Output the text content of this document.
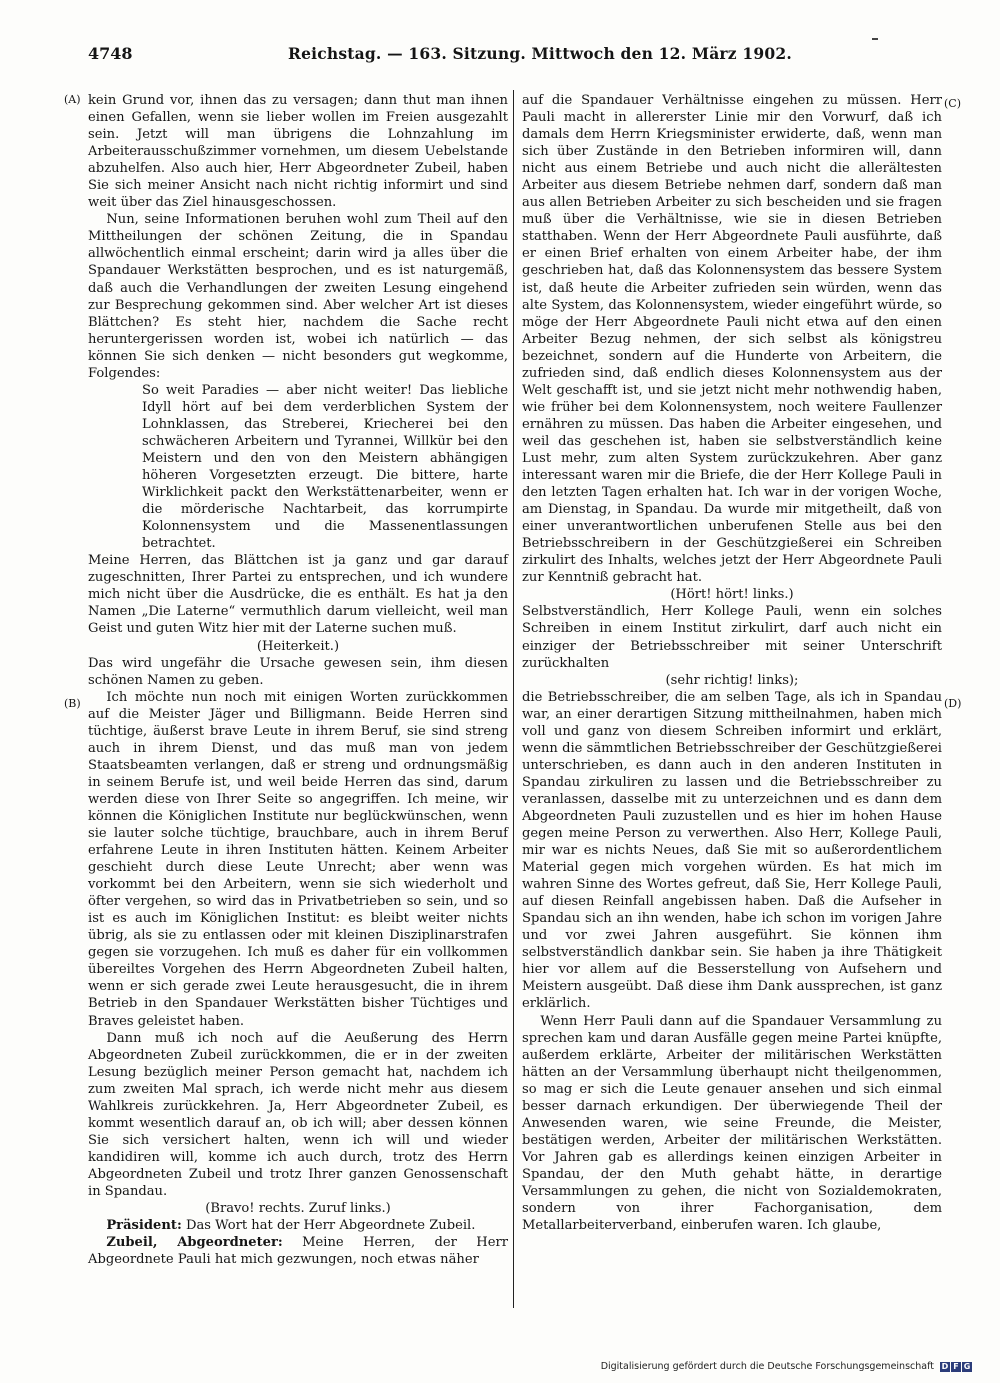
4748	Reichstag. — 163. Sitzung. Mittwoch den 12. März 1902.
(A)
(B)
(C)
(D)

kein Grund vor, ihnen das zu versagen; dann thut man ihnen einen Gefallen, wenn sie lieber wollen im Freien ausgezahlt sein. Jetzt will man übrigens die Lohnzahlung im Arbeiterausschußzimmer vornehmen, um diesem Uebelstande abzuhelfen. Also auch hier, Herr Abgeordneter Zubeil, haben Sie sich meiner Ansicht nach nicht richtig informirt und sind weit über das Ziel hinausgeschossen.

Nun, seine Informationen beruhen wohl zum Theil auf den Mittheilungen der schönen Zeitung, die in Spandau allwöchentlich einmal erscheint; darin wird ja alles über die Spandauer Werkstätten besprochen, und es ist naturgemäß, daß auch die Verhandlungen der zweiten Lesung eingehend zur Besprechung gekommen sind. Aber welcher Art ist dieses Blättchen? Es steht hier, nachdem die Sache recht heruntergerissen worden ist, wobei ich natürlich — das können Sie sich denken — nicht besonders gut wegkomme, Folgendes:

So weit Paradies — aber nicht weiter! Das liebliche Idyll hört auf bei dem verderblichen System der Lohnklassen, das Streberei, Kriecherei bei den schwächeren Arbeitern und Tyrannei, Willkür bei den Meistern und den von den Meistern abhängigen höheren Vorgesetzten erzeugt. Die bittere, harte Wirklichkeit packt den Werkstättenarbeiter, wenn er die mörderische Nachtarbeit, das korrumpirte Kolonnensystem und die Massenentlassungen betrachtet.

Meine Herren, das Blättchen ist ja ganz und gar darauf zugeschnitten, Ihrer Partei zu entsprechen, und ich wundere mich nicht über die Ausdrücke, die es enthält. Es hat ja den Namen „Die Laterne“ vermuthlich darum vielleicht, weil man Geist und guten Witz hier mit der Laterne suchen muß.

(Heiterkeit.)

Das wird ungefähr die Ursache gewesen sein, ihm diesen schönen Namen zu geben.

Ich möchte nun noch mit einigen Worten zurückkommen auf die Meister Jäger und Billigmann. Beide Herren sind tüchtige, äußerst brave Leute in ihrem Beruf, sie sind streng auch in ihrem Dienst, und das muß man von jedem Staatsbeamten verlangen, daß er streng und ordnungsmäßig in seinem Berufe ist, und weil beide Herren das sind, darum werden diese von Ihrer Seite so angegriffen. Ich meine, wir können die Königlichen Institute nur beglückwünschen, wenn sie lauter solche tüchtige, brauchbare, auch in ihrem Beruf erfahrene Leute in ihren Instituten hätten. Keinem Arbeiter geschieht durch diese Leute Unrecht; aber wenn was vorkommt bei den Arbeitern, wenn sie sich wiederholt und öfter vergehen, so wird das in Privatbetrieben so sein, und so ist es auch im Königlichen Institut: es bleibt weiter nichts übrig, als sie zu entlassen oder mit kleinen Disziplinarstrafen gegen sie vorzugehen. Ich muß es daher für ein vollkommen übereiltes Vorgehen des Herrn Abgeordneten Zubeil halten, wenn er sich gerade zwei Leute herausgesucht, die in ihrem Betrieb in den Spandauer Werkstätten bisher Tüchtiges und Braves geleistet haben.

Dann muß ich noch auf die Aeußerung des Herrn Abgeordneten Zubeil zurückkommen, die er in der zweiten Lesung bezüglich meiner Person gemacht hat, nachdem ich zum zweiten Mal sprach, ich werde nicht mehr aus diesem Wahlkreis zurückkehren. Ja, Herr Abgeordneter Zubeil, es kommt wesentlich darauf an, ob ich will; aber dessen können Sie sich versichert halten, wenn ich will und wieder kandidiren will, komme ich auch durch, trotz des Herrn Abgeordneten Zubeil und trotz Ihrer ganzen Genossenschaft in Spandau.

(Bravo! rechts. Zuruf links.)

Präsident: Das Wort hat der Herr Abgeordnete Zubeil.

Zubeil, Abgeordneter: Meine Herren, der Herr Abgeordnete Pauli hat mich gezwungen, noch etwas näher

auf die Spandauer Verhältnisse eingehen zu müssen. Herr Pauli macht in allererster Linie mir den Vorwurf, daß ich damals dem Herrn Kriegsminister erwiderte, daß, wenn man sich über Zustände in den Betrieben informiren will, dann nicht aus einem Betriebe und auch nicht die allerältesten Arbeiter aus diesem Betriebe nehmen darf, sondern daß man aus allen Betrieben Arbeiter zu sich bescheiden und sie fragen muß über die Verhältnisse, wie sie in diesen Betrieben statthaben. Wenn der Herr Abgeordnete Pauli ausführte, daß er einen Brief erhalten von einem Arbeiter habe, der ihm geschrieben hat, daß das Kolonnensystem das bessere System ist, daß heute die Arbeiter zufrieden sein würden, wenn das alte System, das Kolonnensystem, wieder eingeführt würde, so möge der Herr Abgeordnete Pauli nicht etwa auf den einen Arbeiter Bezug nehmen, der sich selbst als königstreu bezeichnet, sondern auf die Hunderte von Arbeitern, die zufrieden sind, daß endlich dieses Kolonnensystem aus der Welt geschafft ist, und sie jetzt nicht mehr nothwendig haben, wie früher bei dem Kolonnensystem, noch weitere Faullenzer ernähren zu müssen. Das haben die Arbeiter eingesehen, und weil das geschehen ist, haben sie selbstverständlich keine Lust mehr, zum alten System zurückzukehren. Aber ganz interessant waren mir die Briefe, die der Herr Kollege Pauli in den letzten Tagen erhalten hat. Ich war in der vorigen Woche, am Dienstag, in Spandau. Da wurde mir mitgetheilt, daß von einer unverantwortlichen unberufenen Stelle aus bei den Betriebsschreibern in der Geschützgießerei ein Schreiben zirkulirt des Inhalts, welches jetzt der Herr Abgeordnete Pauli zur Kenntniß gebracht hat.

(Hört! hört! links.)

Selbstverständlich, Herr Kollege Pauli, wenn ein solches Schreiben in einem Institut zirkulirt, darf auch nicht ein einziger der Betriebsschreiber mit seiner Unterschrift zurückhalten

(sehr richtig! links);

die Betriebsschreiber, die am selben Tage, als ich in Spandau war, an einer derartigen Sitzung mittheilnahmen, haben mich voll und ganz von diesem Schreiben informirt und erklärt, wenn die sämmtlichen Betriebsschreiber der Geschützgießerei unterschrieben, es dann auch in den anderen Instituten in Spandau zirkuliren zu lassen und die Betriebsschreiber zu veranlassen, dasselbe mit zu unterzeichnen und es dann dem Abgeordneten Pauli zuzustellen und es hier im hohen Hause gegen meine Person zu verwerthen. Also Herr, Kollege Pauli, mir war es nichts Neues, daß Sie mit so außerordentlichem Material gegen mich vorgehen würden. Es hat mich im wahren Sinne des Wortes gefreut, daß Sie, Herr Kollege Pauli, auf diesen Reinfall angebissen haben. Daß die Aufseher in Spandau sich an ihn wenden, habe ich schon im vorigen Jahre und vor zwei Jahren ausgeführt. Sie können ihm selbstverständlich dankbar sein. Sie haben ja ihre Thätigkeit hier vor allem auf die Besserstellung von Aufsehern und Meistern ausgeübt. Daß diese ihm Dank aussprechen, ist ganz erklärlich.

Wenn Herr Pauli dann auf die Spandauer Versammlung zu sprechen kam und daran Ausfälle gegen meine Partei knüpfte, außerdem erklärte, Arbeiter der militärischen Werkstätten hätten an der Versammlung überhaupt nicht theilgenommen, so mag er sich die Leute genauer ansehen und sich einmal besser darnach erkundigen. Der überwiegende Theil der Anwesenden waren, wie seine Freunde, die Meister, bestätigen werden, Arbeiter der militärischen Werkstätten. Vor Jahren gab es allerdings keinen einzigen Arbeiter in Spandau, der den Muth gehabt hätte, in derartige Versammlungen zu gehen, die nicht von Sozialdemokraten, sondern von ihrer Fachorganisation, dem Metallarbeiterverband, einberufen waren. Ich glaube,

Digitalisierung gefördert durch die Deutsche Forschungsgemeinschaft D F G
